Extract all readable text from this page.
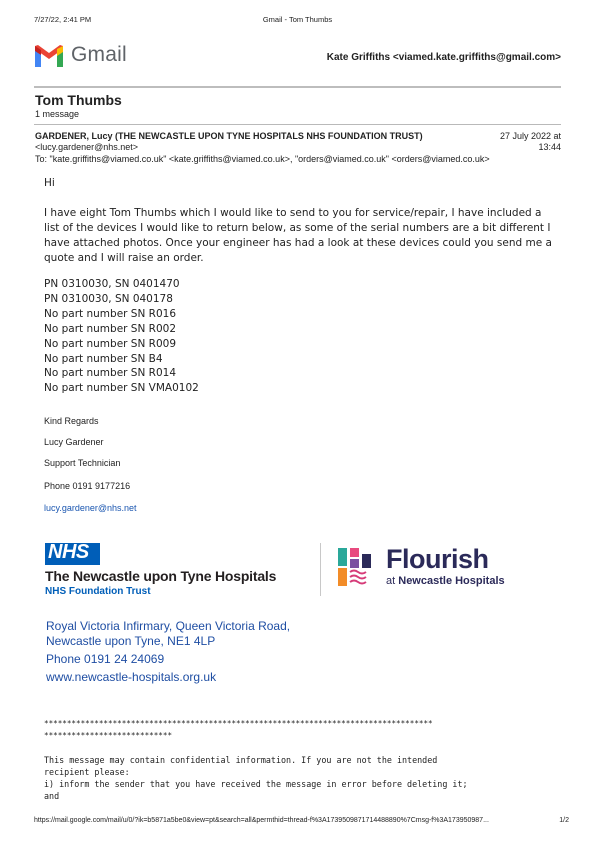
7/27/22, 2:41 PM	Gmail - Tom Thumbs
Gmail	Kate Griffiths <viamed.kate.griffiths@gmail.com>
Tom Thumbs
1 message
GARDENER, Lucy (THE NEWCASTLE UPON TYNE HOSPITALS NHS FOUNDATION TRUST)
<lucy.gardener@nhs.net>
27 July 2022 at
13:44
To: "kate.griffiths@viamed.co.uk" <kate.griffiths@viamed.co.uk>, "orders@viamed.co.uk" <orders@viamed.co.uk>
Hi
I have eight Tom Thumbs which I would like to send to you for service/repair, I have included a list of the devices I would like to return below, as some of the serial numbers are a bit different I have attached photos. Once your engineer has had a look at these devices could you send me a quote and I will raise an order.
PN 0310030, SN 0401470
PN 0310030, SN 040178
No part number SN R016
No part number SN R002
No part number SN R009
No part number SN B4
No part number SN R014
No part number SN VMA0102
Kind Regards
Lucy Gardener
Support Technician
Phone 0191 9177216
lucy.gardener@nhs.net
NHS
The Newcastle upon Tyne Hospitals
NHS Foundation Trust
Flourish
at Newcastle Hospitals
Royal Victoria Infirmary, Queen Victoria Road,
Newcastle upon Tyne, NE1 4LP
Phone 0191 24 24069
www.newcastle-hospitals.org.uk
*************************************************************************************
****************************
This message may contain confidential information. If you are not the intended
recipient please:
i) inform the sender that you have received the message in error before deleting it;
and
https://mail.google.com/mail/u/0/?ik=b5871a5be0&view=pt&search=all&permthid=thread-f%3A1739509871714488890%7Cmsg-f%3A173950987...	1/2
